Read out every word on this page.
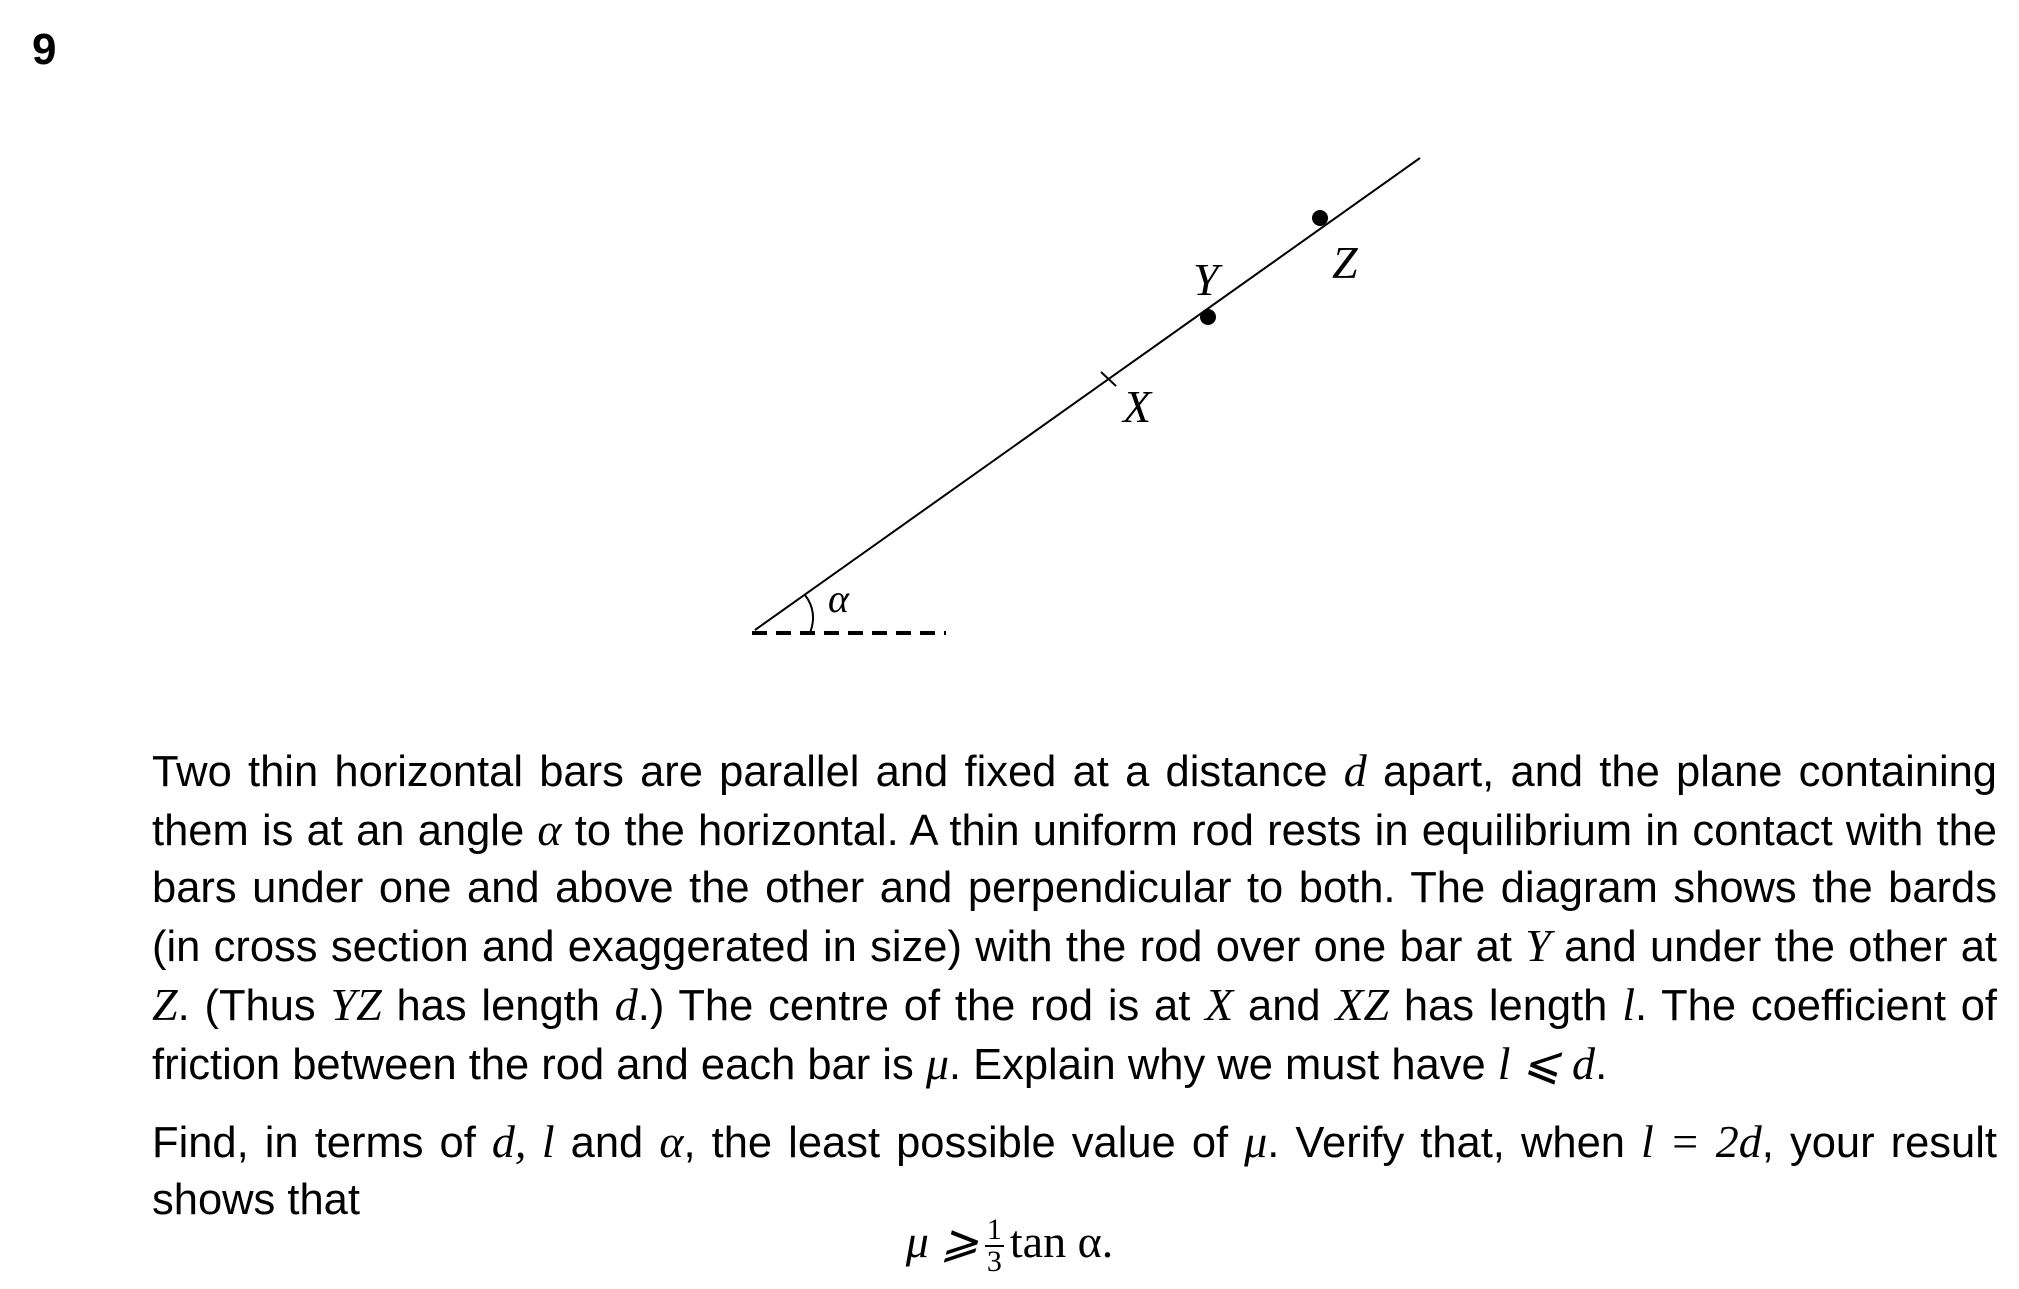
9
α
X
Y Z

Two thin horizontal bars are parallel and fixed at a distance d apart, and the plane containing them is at an angle α to the horizontal. A thin uniform rod rests in equilibrium in contact with the bars under one and above the other and perpendicular to both. The diagram shows the bards (in cross section and exaggerated in size) with the rod over one bar at Y and under the other at Z. (Thus YZ has length d.) The centre of the rod is at X and XZ has length l. The coefficient of friction between the rod and each bar is μ. Explain why we must have l ⩽ d.

Find, in terms of d, l and α, the least possible value of μ. Verify that, when l = 2d, your result shows that

μ ⩾ $\frac{1}{3}$ tan α.
